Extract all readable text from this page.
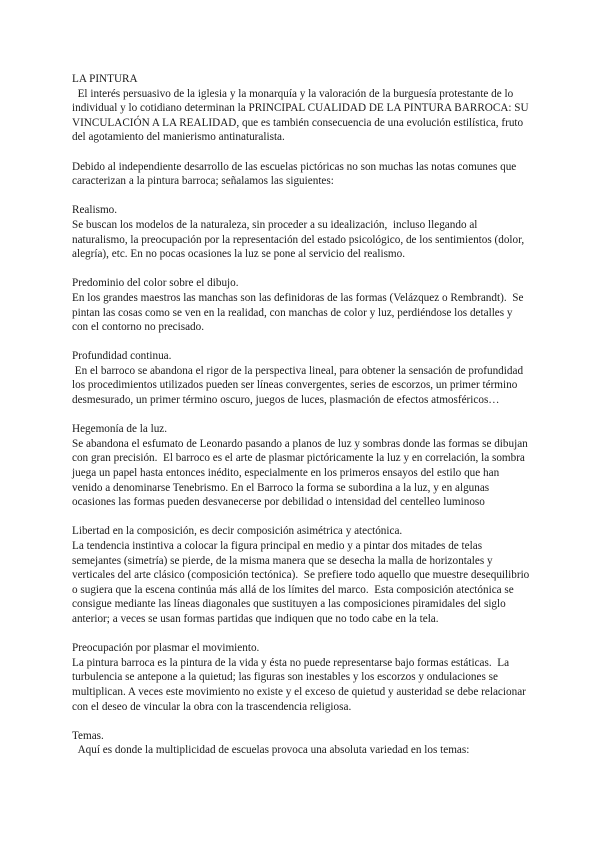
LA PINTURA

El interés persuasivo de la iglesia y la monarquía y la valoración de la burguesía protestante de lo individual y lo cotidiano determinan la PRINCIPAL CUALIDAD DE LA PINTURA BARROCA: SU VINCULACIÓN A LA REALIDAD, que es también consecuencia de una evolución estilística, fruto del agotamiento del manierismo antinaturalista.

Debido al independiente desarrollo de las escuelas pictóricas no son muchas las notas comunes que caracterizan a la pintura barroca; señalamos las siguientes:

Realismo.

Se buscan los modelos de la naturaleza, sin proceder a su idealización,  incluso llegando al naturalismo, la preocupación por la representación del estado psicológico, de los sentimientos (dolor, alegría), etc. En no pocas ocasiones la luz se pone al servicio del realismo.

Predominio del color sobre el dibujo.

En los grandes maestros las manchas son las definidoras de las formas (Velázquez o Rembrandt).  Se pintan las cosas como se ven en la realidad, con manchas de color y luz, perdiéndose los detalles y con el contorno no precisado.

Profundidad continua.

En el barroco se abandona el rigor de la perspectiva lineal, para obtener la sensación de profundidad los procedimientos utilizados pueden ser líneas convergentes, series de escorzos, un primer término desmesurado, un primer término oscuro, juegos de luces, plasmación de efectos atmosféricos…

Hegemonía de la luz.

Se abandona el esfumato de Leonardo pasando a planos de luz y sombras donde las formas se dibujan con gran precisión.  El barroco es el arte de plasmar pictóricamente la luz y en correlación, la sombra juega un papel hasta entonces inédito, especialmente en los primeros ensayos del estilo que han venido a denominarse Tenebrismo. En el Barroco la forma se subordina a la luz, y en algunas ocasiones las formas pueden desvanecerse por debilidad o intensidad del centelleo luminoso

Libertad en la composición, es decir composición asimétrica y atectónica.

La tendencia instintiva a colocar la figura principal en medio y a pintar dos mitades de telas semejantes (simetría) se pierde, de la misma manera que se desecha la malla de horizontales y verticales del arte clásico (composición tectónica).  Se prefiere todo aquello que muestre desequilibrio o sugiera que la escena continúa más allá de los límites del marco.  Esta composición atectónica se consigue mediante las líneas diagonales que sustituyen a las composiciones piramidales del siglo anterior; a veces se usan formas partidas que indiquen que no todo cabe en la tela.

Preocupación por plasmar el movimiento.

La pintura barroca es la pintura de la vida y ésta no puede representarse bajo formas estáticas.  La turbulencia se antepone a la quietud; las figuras son inestables y los escorzos y ondulaciones se multiplican. A veces este movimiento no existe y el exceso de quietud y austeridad se debe relacionar con el deseo de vincular la obra con la trascendencia religiosa.

Temas.

Aquí es donde la multiplicidad de escuelas provoca una absoluta variedad en los temas:
